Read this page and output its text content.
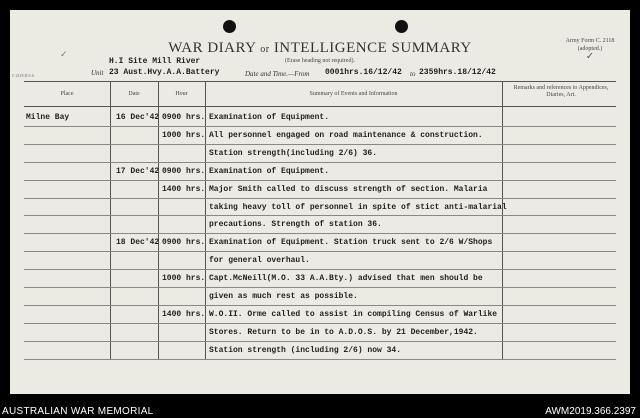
WAR DIARY or INTELLIGENCE SUMMARY
(Erase heading not required).
Army Form C. 2118
(adopted.)
✓
✓
C 2118 D.S.S.
H.I Site Mill River
Unit 23 Aust.Hvy.A.A.Battery	Date and Time.—From 0001hrs.16/12/42 to 2359hrs.18/12/42
Place	Date	Hour	Summary of Events and Information
Remarks and references to Appendices, Diaries, Art.
Milne Bay	16 Dec'42 0900 hrs. Examination of Equipment.
1000 hrs. All personnel engaged on road maintenance & construction.
Station strength(including 2/6) 36.
17 Dec'42 0900 hrs. Examination of Equipment.
1400 hrs. Major Smith called to discuss strength of section. Malaria
taking heavy toll of personnel in spite of stict anti-malarial
precautions. Strength of station 36.
18 Dec'42 0900 hrs. Examination of Equipment. Station truck sent to 2/6 W/Shops
for general overhaul.
1000 hrs. Capt.McNeill(M.O. 33 A.A.Bty.) advised that men should be
given as much rest as possible.
1400 hrs. W.O.II. Orme called to assist in compiling Census of Warlike
Stores. Return to be in to A.D.O.S. by 21 December,1942.
Station strength (including 2/6) now 34.
AUSTRALIAN WAR MEMORIAL	AWM2019.366.2397
